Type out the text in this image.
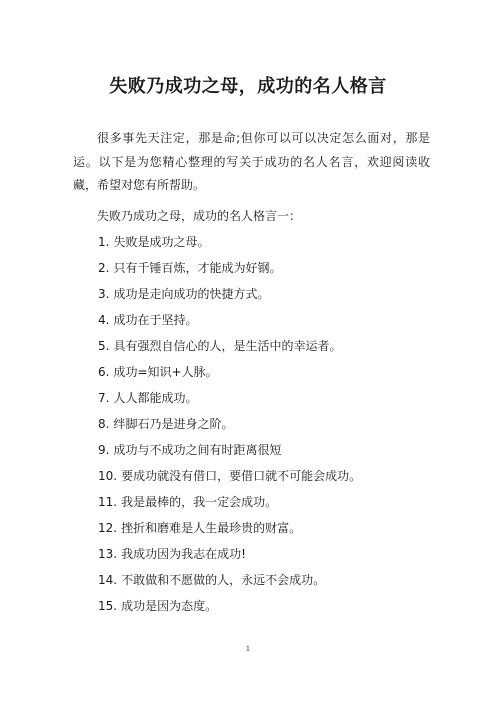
失败乃成功之母，成功的名人格言

很多事先天注定，那是命;但你可以可以决定怎么面对，那是运。以下是为您精心整理的写关于成功的名人名言，欢迎阅读收藏，希望对您有所帮助。

失败乃成功之母，成功的名人格言一：
1. 失败是成功之母。
2. 只有千锤百炼，才能成为好钢。
3. 成功是走向成功的快捷方式。
4. 成功在于坚持。
5. 具有强烈自信心的人，是生活中的幸运者。
6. 成功=知识+人脉。
7. 人人都能成功。
8. 绊脚石乃是进身之阶。
9. 成功与不成功之间有时距离很短
10. 要成功就没有借口，要借口就不可能会成功。
11. 我是最棒的，我一定会成功。
12. 挫折和磨难是人生最珍贵的财富。
13. 我成功因为我志在成功!
14. 不敢做和不愿做的人，永远不会成功。
15. 成功是因为态度。
1
